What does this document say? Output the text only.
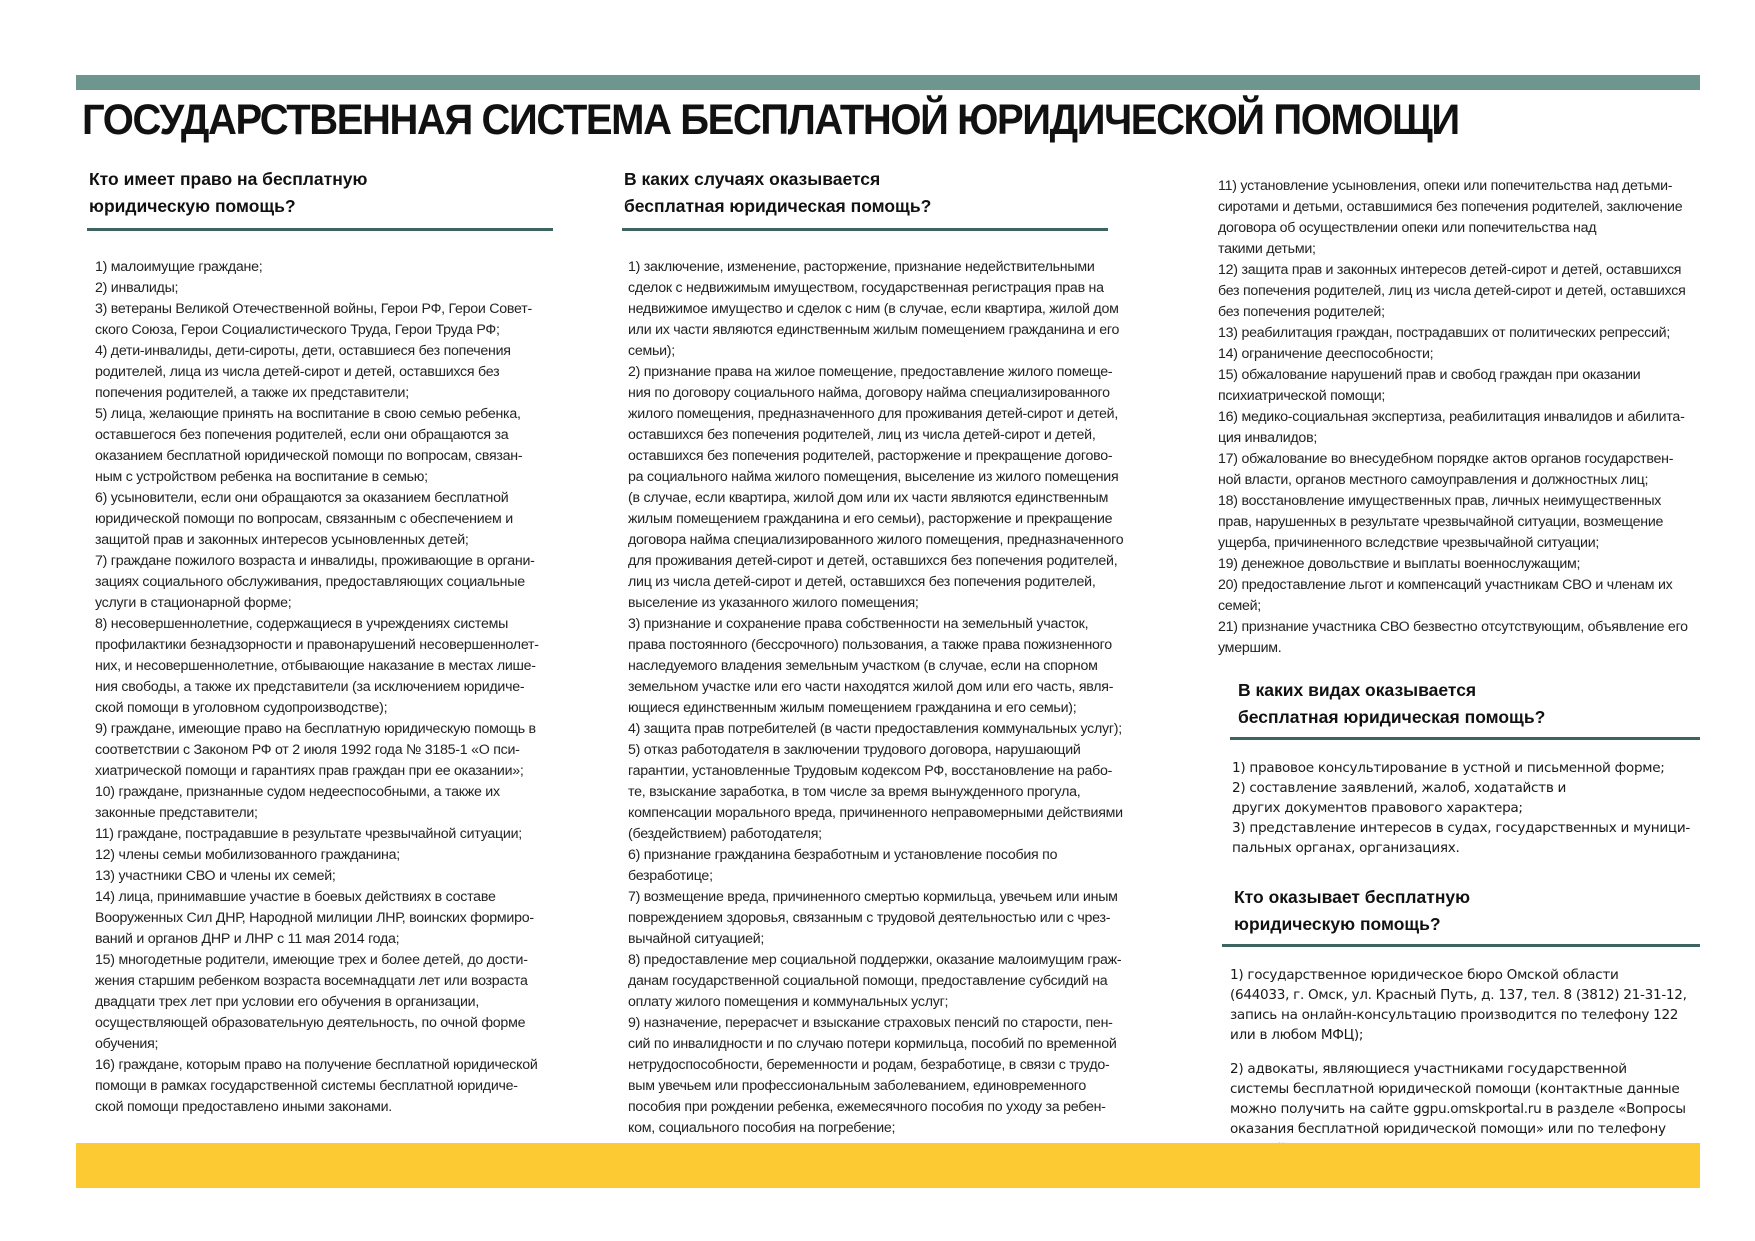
ГОСУДАРСТВЕННАЯ СИСТЕМА БЕСПЛАТНОЙ ЮРИДИЧЕСКОЙ ПОМОЩИ
Кто имеет право на бесплатную
юридическую помощь?
1) малоимущие граждане;
2) инвалиды;
3) ветераны Великой Отечественной войны, Герои РФ, Герои Совет-
ского Союза, Герои Социалистического Труда, Герои Труда РФ;
4) дети-инвалиды, дети-сироты, дети, оставшиеся без попечения
родителей, лица из числа детей-сирот и детей, оставшихся без
попечения родителей, а также их представители;
5) лица, желающие принять на воспитание в свою семью ребенка,
оставшегося без попечения родителей, если они обращаются за
оказанием бесплатной юридической помощи по вопросам, связан-
ным с устройством ребенка на воспитание в семью;
6) усыновители, если они обращаются за оказанием бесплатной
юридической помощи по вопросам, связанным с обеспечением и
защитой прав и законных интересов усыновленных детей;
7) граждане пожилого возраста и инвалиды, проживающие в органи-
зациях социального обслуживания, предоставляющих социальные
услуги в стационарной форме;
8) несовершеннолетние, содержащиеся в учреждениях системы
профилактики безнадзорности и правонарушений несовершеннолет-
них, и несовершеннолетние, отбывающие наказание в местах лише-
ния свободы, а также их представители (за исключением юридиче-
ской помощи в уголовном судопроизводстве);
9) граждане, имеющие право на бесплатную юридическую помощь в
соответствии с Законом РФ от 2 июля 1992 года № 3185-1 «О пси-
хиатрической помощи и гарантиях прав граждан при ее оказании»;
10) граждане, признанные судом недееспособными, а также их
законные представители;
11) граждане, пострадавшие в результате чрезвычайной ситуации;
12) члены семьи мобилизованного гражданина;
13) участники СВО и члены их семей;
14) лица, принимавшие участие в боевых действиях в составе
Вооруженных Сил ДНР, Народной милиции ЛНР, воинских формиро-
ваний и органов ДНР и ЛНР с 11 мая 2014 года;
15) многодетные родители, имеющие трех и более детей, до дости-
жения старшим ребенком возраста восемнадцати лет или возраста
двадцати трех лет при условии его обучения в организации,
осуществляющей образовательную деятельность, по очной форме
обучения;
16) граждане, которым право на получение бесплатной юридической
помощи в рамках государственной системы бесплатной юридиче-
ской помощи предоставлено иными законами.
В каких случаях оказывается
бесплатная юридическая помощь?
1) заключение, изменение, расторжение, признание недействительными
сделок с недвижимым имуществом, государственная регистрация прав на
недвижимое имущество и сделок с ним (в случае, если квартира, жилой дом
или их части являются единственным жилым помещением гражданина и его
семьи);
2) признание права на жилое помещение, предоставление жилого помеще-
ния по договору социального найма, договору найма специализированного
жилого помещения, предназначенного для проживания детей-сирот и детей,
оставшихся без попечения родителей, лиц из числа детей-сирот и детей,
оставшихся без попечения родителей, расторжение и прекращение догово-
ра социального найма жилого помещения, выселение из жилого помещения
(в случае, если квартира, жилой дом или их части являются единственным
жилым помещением гражданина и его семьи), расторжение и прекращение
договора найма специализированного жилого помещения, предназначенного
для проживания детей-сирот и детей, оставшихся без попечения родителей,
лиц из числа детей-сирот и детей, оставшихся без попечения родителей,
выселение из указанного жилого помещения;
3) признание и сохранение права собственности на земельный участок,
права постоянного (бессрочного) пользования, а также права пожизненного
наследуемого владения земельным участком (в случае, если на спорном
земельном участке или его части находятся жилой дом или его часть, явля-
ющиеся единственным жилым помещением гражданина и его семьи);
4) защита прав потребителей (в части предоставления коммунальных услуг);
5) отказ работодателя в заключении трудового договора, нарушающий
гарантии, установленные Трудовым кодексом РФ, восстановление на рабо-
те, взыскание заработка, в том числе за время вынужденного прогула,
компенсации морального вреда, причиненного неправомерными действиями
(бездействием) работодателя;
6) признание гражданина безработным и установление пособия по
безработице;
7) возмещение вреда, причиненного смертью кормильца, увечьем или иным
повреждением здоровья, связанным с трудовой деятельностью или с чрез-
вычайной ситуацией;
8) предоставление мер социальной поддержки, оказание малоимущим граж-
данам государственной социальной помощи, предоставление субсидий на
оплату жилого помещения и коммунальных услуг;
9) назначение, перерасчет и взыскание страховых пенсий по старости, пен-
сий по инвалидности и по случаю потери кормильца, пособий по временной
нетрудоспособности, беременности и родам, безработице, в связи с трудо-
вым увечьем или профессиональным заболеванием, единовременного
пособия при рождении ребенка, ежемесячного пособия по уходу за ребен-
ком, социального пособия на погребение;
11) установление усыновления, опеки или попечительства над детьми-
сиротами и детьми, оставшимися без попечения родителей, заключение
договора об осуществлении опеки или попечительства над
такими детьми;
12) защита прав и законных интересов детей-сирот и детей, оставшихся
без попечения родителей, лиц из числа детей-сирот и детей, оставшихся
без попечения родителей;
13) реабилитация граждан, пострадавших от политических репрессий;
14) ограничение дееспособности;
15) обжалование нарушений прав и свобод граждан при оказании
психиатрической помощи;
16) медико-социальная экспертиза, реабилитация инвалидов и абилита-
ция инвалидов;
17) обжалование во внесудебном порядке актов органов государствен-
ной власти, органов местного самоуправления и должностных лиц;
18) восстановление имущественных прав, личных неимущественных
прав, нарушенных в результате чрезвычайной ситуации, возмещение
ущерба, причиненного вследствие чрезвычайной ситуации;
19) денежное довольствие и выплаты военнослужащим;
20) предоставление льгот и компенсаций участникам СВО и членам их
семей;
21) признание участника СВО безвестно отсутствующим, объявление его
умершим.
В каких видах оказывается
бесплатная юридическая помощь?
1) правовое консультирование в устной и письменной форме;
2) составление заявлений, жалоб, ходатайств и
других документов правового характера;
3) представление интересов в судах, государственных и муници-
пальных органах, организациях.
Кто оказывает бесплатную
юридическую помощь?
1) государственное юридическое бюро Омской области
(644033, г. Омск, ул. Красный Путь, д. 137, тел. 8 (3812) 21-31-12,
запись на онлайн-консультацию производится по телефону 122
или в любом МФЦ);
2) адвокаты, являющиеся участниками государственной
системы бесплатной юридической помощи (контактные данные
можно получить на сайте ggpu.omskportal.ru в разделе «Вопросы
оказания бесплатной юридической помощи» или по телефону
